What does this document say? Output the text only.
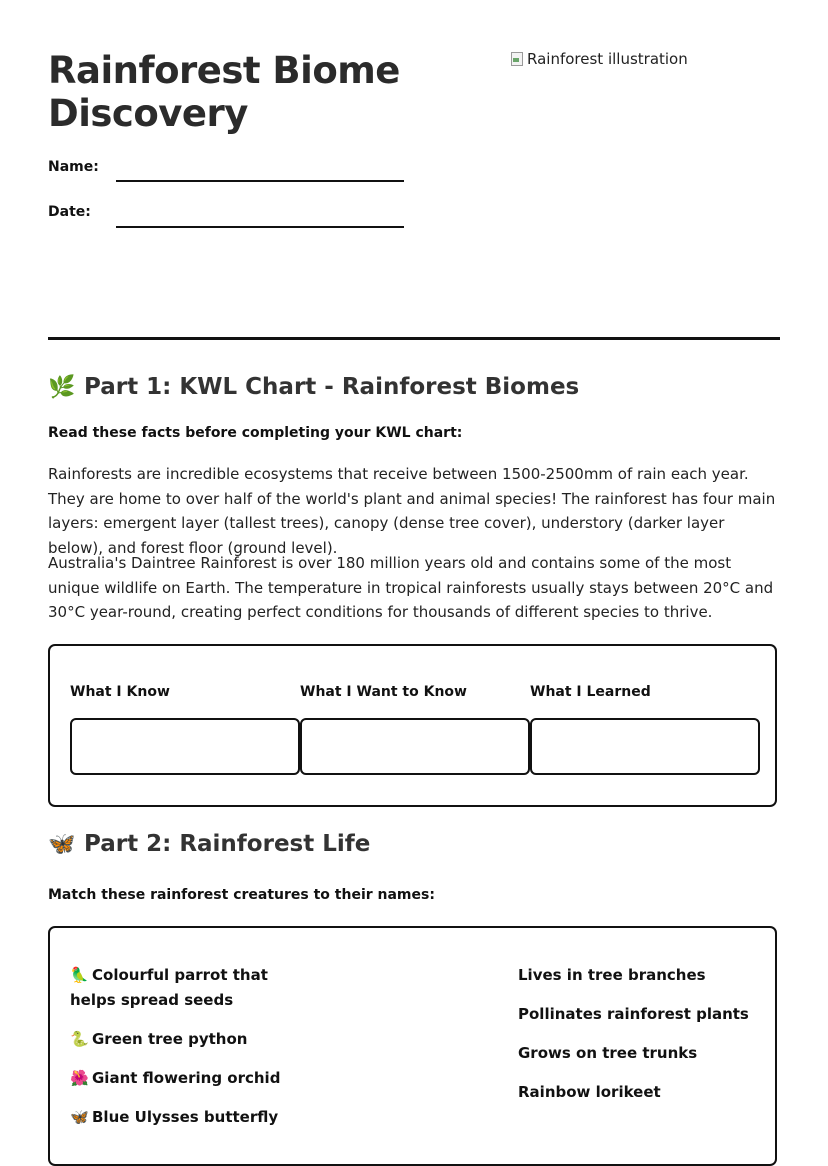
Rainforest Biome Discovery
Rainforest illustration
Name:
Date:
🌿 Part 1: KWL Chart - Rainforest Biomes
Read these facts before completing your KWL chart:

Rainforests are incredible ecosystems that receive between 1500-2500mm of rain each year. They are home to over half of the world's plant and animal species! The rainforest has four main layers: emergent layer (tallest trees), canopy (dense tree cover), understory (darker layer below), and forest floor (ground level).

Australia's Daintree Rainforest is over 180 million years old and contains some of the most unique wildlife on Earth. The temperature in tropical rainforests usually stays between 20°C and 30°C year-round, creating perfect conditions for thousands of different species to thrive.

What I Know	What I Want to Know	What I Learned
🦋 Part 2: Rainforest Life
Match these rainforest creatures to their names:
🦜 Colourful parrot that helps spread seeds
🐍 Green tree python
🌺 Giant flowering orchid
🦋 Blue Ulysses butterfly
Lives in tree branches
Pollinates rainforest plants
Grows on tree trunks
Rainbow lorikeet
